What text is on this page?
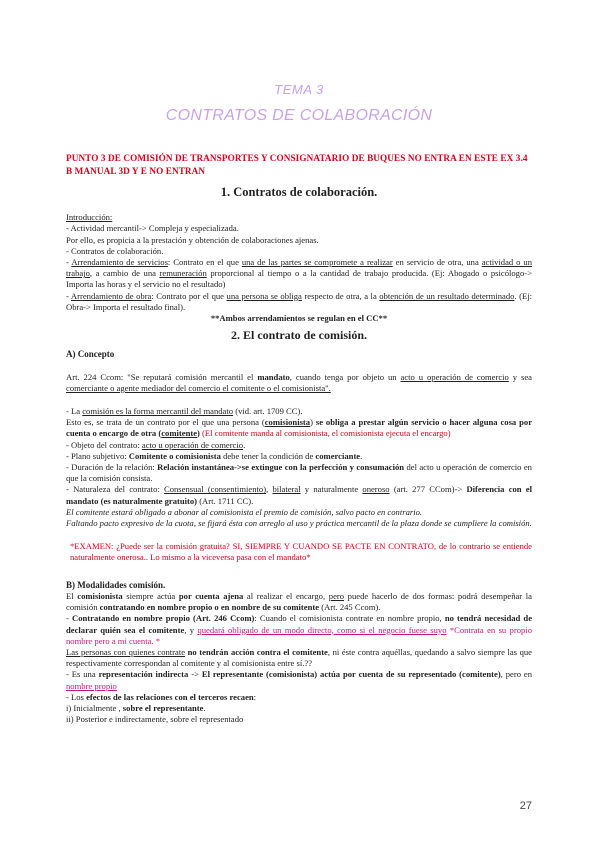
TEMA 3
CONTRATOS DE COLABORACIÓN
PUNTO 3 DE COMISIÓN DE TRANSPORTES Y CONSIGNATARIO DE BUQUES NO ENTRA EN ESTE EX 3.4 B MANUAL 3D Y E NO ENTRAN
1. Contratos de colaboración.

Introducción:

- Actividad mercantil-> Compleja y especializada.

Por ello, es propicia a la prestación y obtención de colaboraciones ajenas.

- Contratos de colaboración.

- Arrendamiento de servicios: Contrato en el que una de las partes se compromete a realizar en servicio de otra, una actividad o un trabajo, a cambio de una remuneración proporcional al tiempo o a la cantidad de trabajo producida. (Ej: Abogado o psicólogo-> Importa las horas y el servicio no el resultado)

- Arrendamiento de obra: Contrato por el que una persona se obliga respecto de otra, a la obtención de un resultado determinado. (Ej: Obra-> Importa el resultado final).

**Ambos arrendamientos se regulan en el CC**

2. El contrato de comisión.
A) Concepto

Art. 224 Ccom: "Se reputará comisión mercantil el mandato, cuando tenga por objeto un acto u operación de comercio y sea comerciante o agente mediador del comercio el comitente o el comisionista".

- La comisión es la forma mercantil del mandato (vid. art. 1709 CC).

Esto es, se trata de un contrato por el que una persona (comisionista) se obliga a prestar algún servicio o hacer alguna cosa por cuenta o encargo de otra (comitente) (El comitente manda al comisionista, el comisionista ejecuta el encargo)

- Objeto del contrato: acto u operación de comercio.

- Plano subjetivo: Comitente o comisionista debe tener la condición de comerciante.

- Duración de la relación: Relación instantánea->se extingue con la perfección y consumación del acto u operación de comercio en que la comisión consista.

- Naturaleza del contrato: Consensual (consentimiento), bilateral y naturalmente oneroso (art. 277 CCom)-> Diferencia con el mandato (es naturalmente gratuito) (Art. 1711 CC).

El comitente estará obligado a abonar al comisionista el premio de comisión, salvo pacto en contrario.

Faltando pacto expresivo de la cuota, se fijará ésta con arreglo al uso y práctica mercantil de la plaza donde se cumpliere la comisión.

*EXAMEN: ¿Puede ser la comisión gratuita? SI, SIEMPRE Y CUANDO SE PACTE EN CONTRATO, de lo contrario se entiende naturalmente onerosa.. Lo mismo a la viceversa pasa con el mandato*

B) Modalidades comisión.

El comisionista siempre actúa por cuenta ajena al realizar el encargo, pero puede hacerlo de dos formas: podrá desempeñar la comisión contratando en nombre propio o en nombre de su comitente (Art. 245 Ccom).

- Contratando en nombre propio (Art. 246 Ccom): Cuando el comisionista contrate en nombre propio, no tendrá necesidad de declarar quién sea el comitente, y quedará obligado de un modo directo, como si el negocio fuese suyo *Contrata en su propio nombre pero a mi cuenta. *

Las personas con quienes contrate no tendrán acción contra el comitente, ni éste contra aquéllas, quedando a salvo siempre las que respectivamente correspondan al comitente y al comisionista entre sí.??

- Es una representación indirecta -> El representante (comisionista) actúa por cuenta de su representado (comitente), pero en nombre propio

- Los efectos de las relaciones con el terceros recaen:

i) Inicialmente , sobre el representante.

ii) Posterior e indirectamente, sobre el representado

27
